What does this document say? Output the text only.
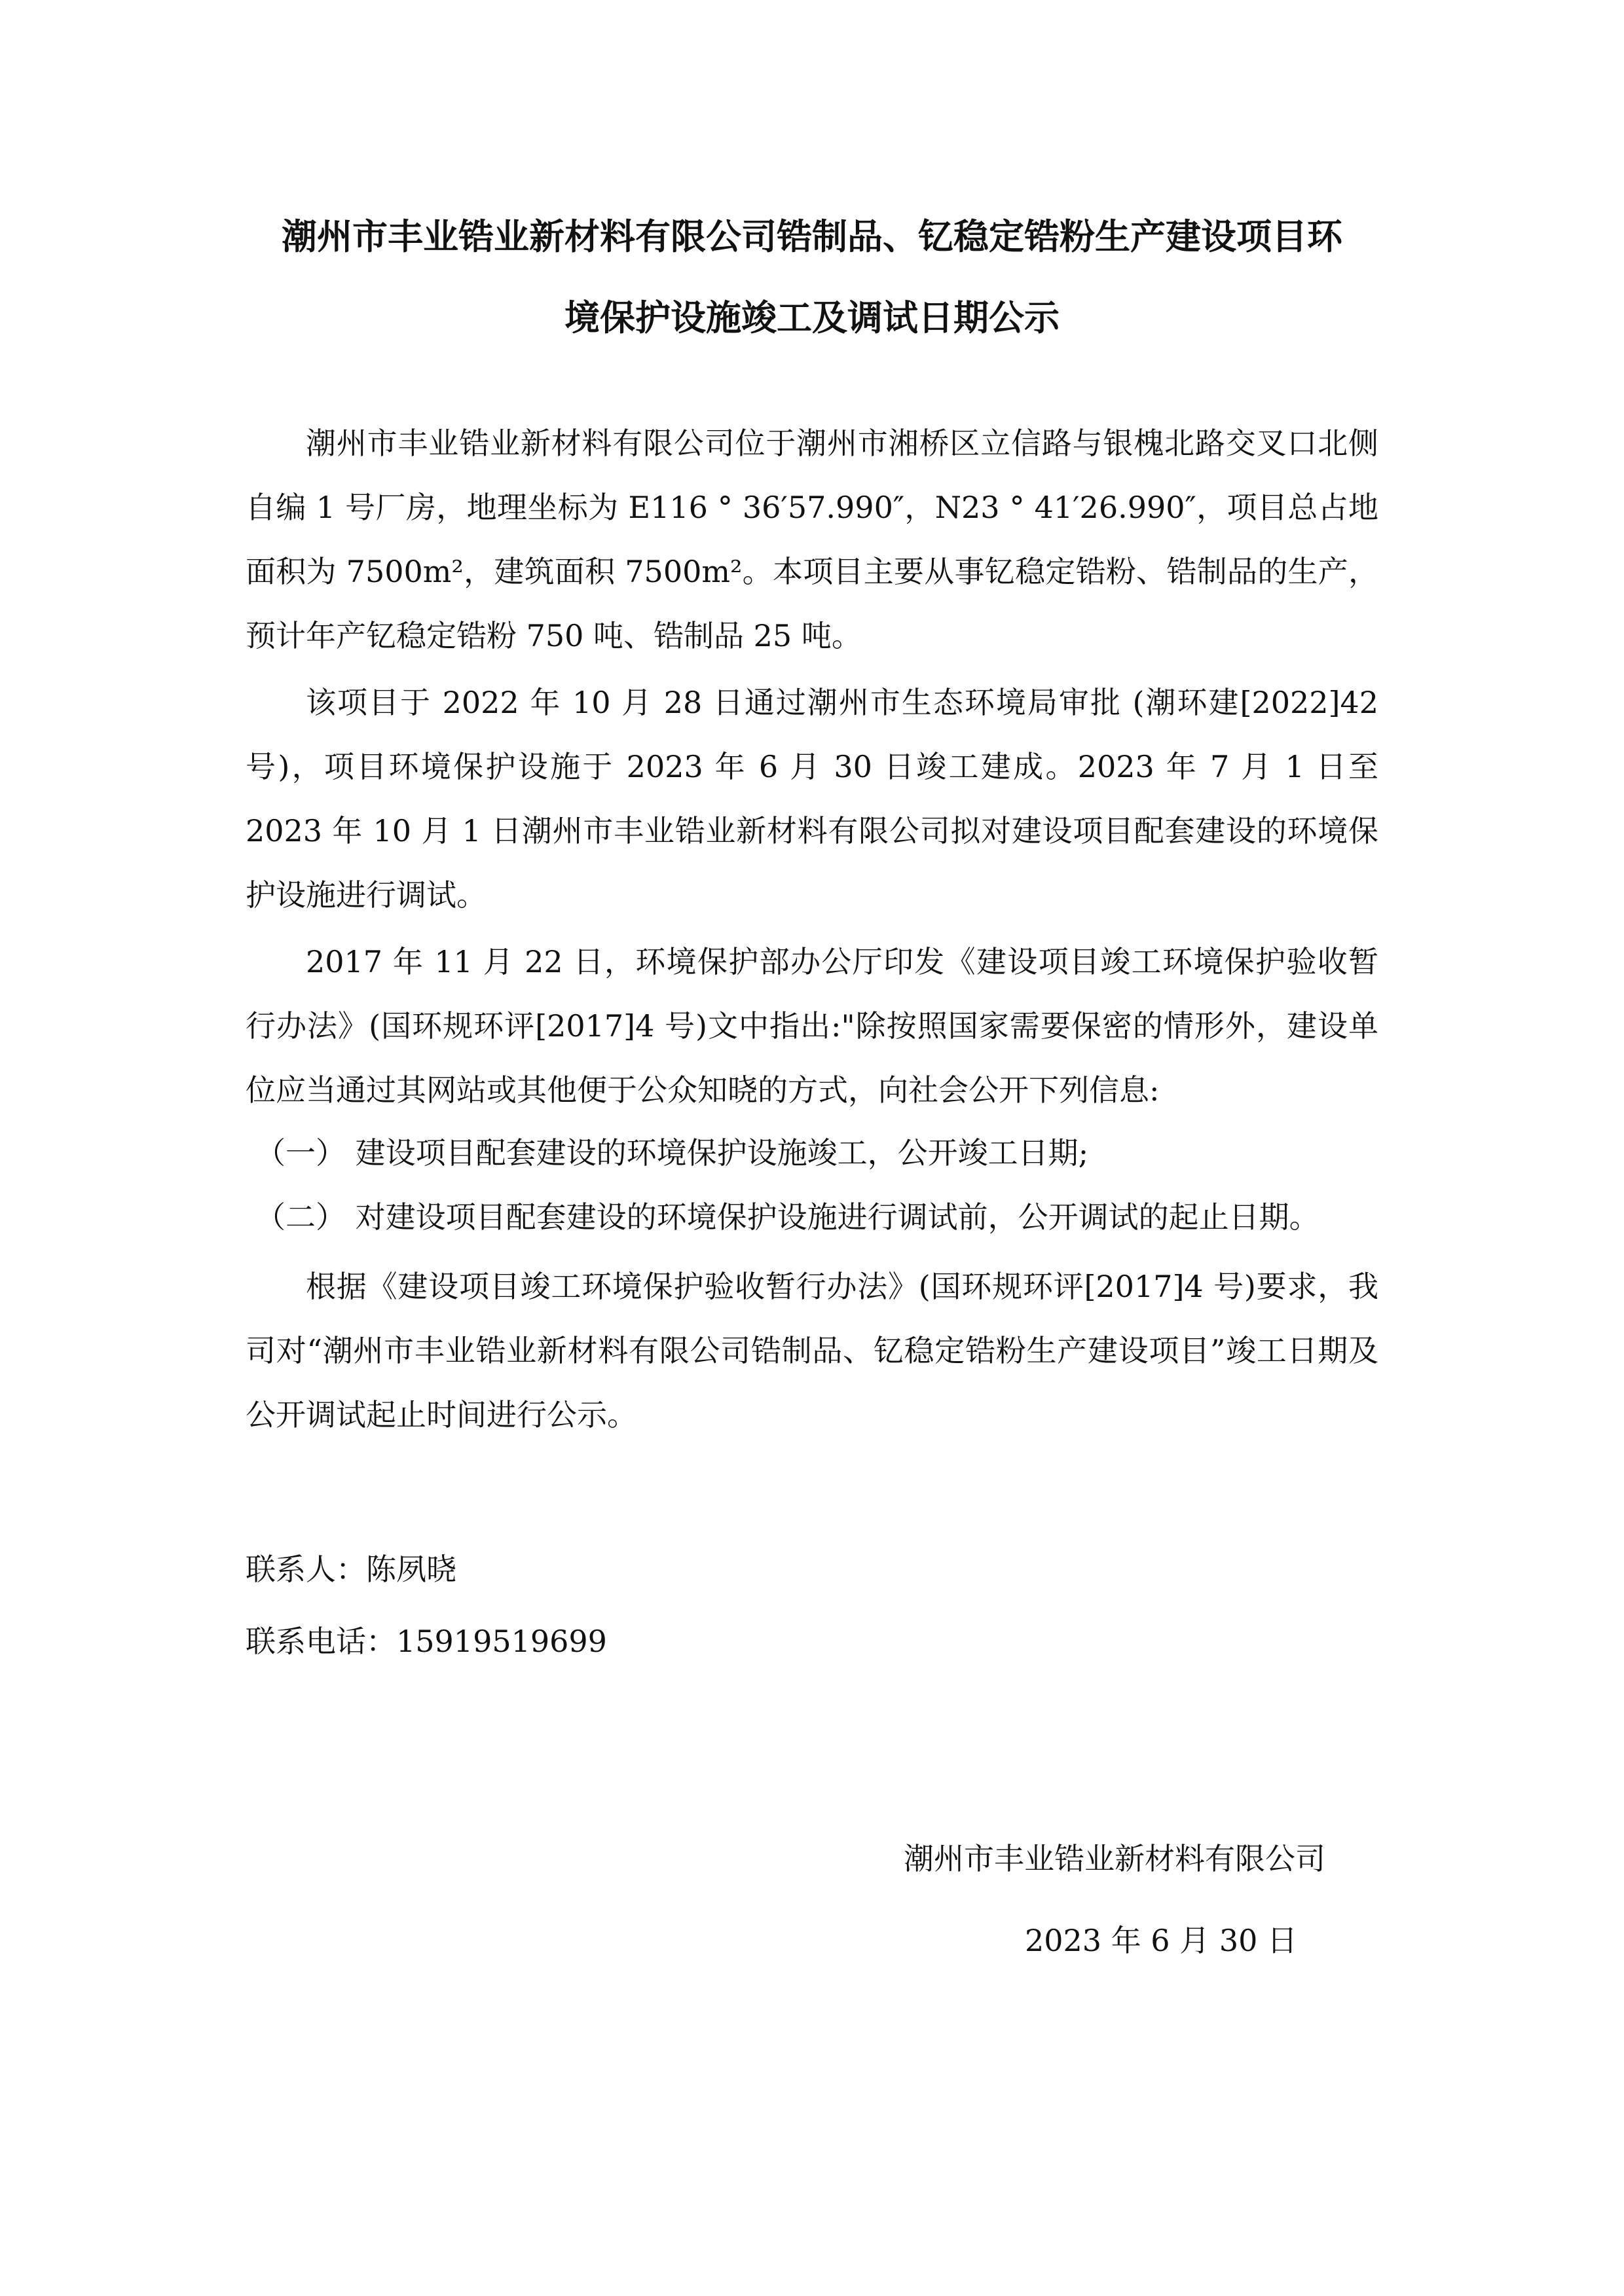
潮州市丰业锆业新材料有限公司锆制品、钇稳定锆粉生产建设项目环
境保护设施竣工及调试日期公示
潮州市丰业锆业新材料有限公司位于潮州市湘桥区立信路与银槐北路交叉口北侧自编 1 号厂房，地理坐标为 E116 ° 36′57.990″，N23 ° 41′26.990″，项目总占地面积为 7500m²，建筑面积 7500m²。本项目主要从事钇稳定锆粉、锆制品的生产，预计年产钇稳定锆粉 750 吨、锆制品 25 吨。
该项目于 2022 年 10 月 28 日通过潮州市生态环境局审批 (潮环建[2022]42 号)，项目环境保护设施于 2023 年 6 月 30 日竣工建成。2023 年 7 月 1 日至 2023 年 10 月 1 日潮州市丰业锆业新材料有限公司拟对建设项目配套建设的环境保护设施进行调试。
2017 年 11 月 22 日，环境保护部办公厅印发《建设项目竣工环境保护验收暂行办法》(国环规环评[2017]4 号)文中指出:"除按照国家需要保密的情形外，建设单位应当通过其网站或其他便于公众知晓的方式，向社会公开下列信息:
（一） 建设项目配套建设的环境保护设施竣工，公开竣工日期;
（二） 对建设项目配套建设的环境保护设施进行调试前，公开调试的起止日期。
根据《建设项目竣工环境保护验收暂行办法》(国环规环评[2017]4 号)要求，我司对“潮州市丰业锆业新材料有限公司锆制品、钇稳定锆粉生产建设项目”竣工日期及公开调试起止时间进行公示。
联系人：陈夙晓
联系电话：15919519699
潮州市丰业锆业新材料有限公司
2023 年 6 月 30 日
